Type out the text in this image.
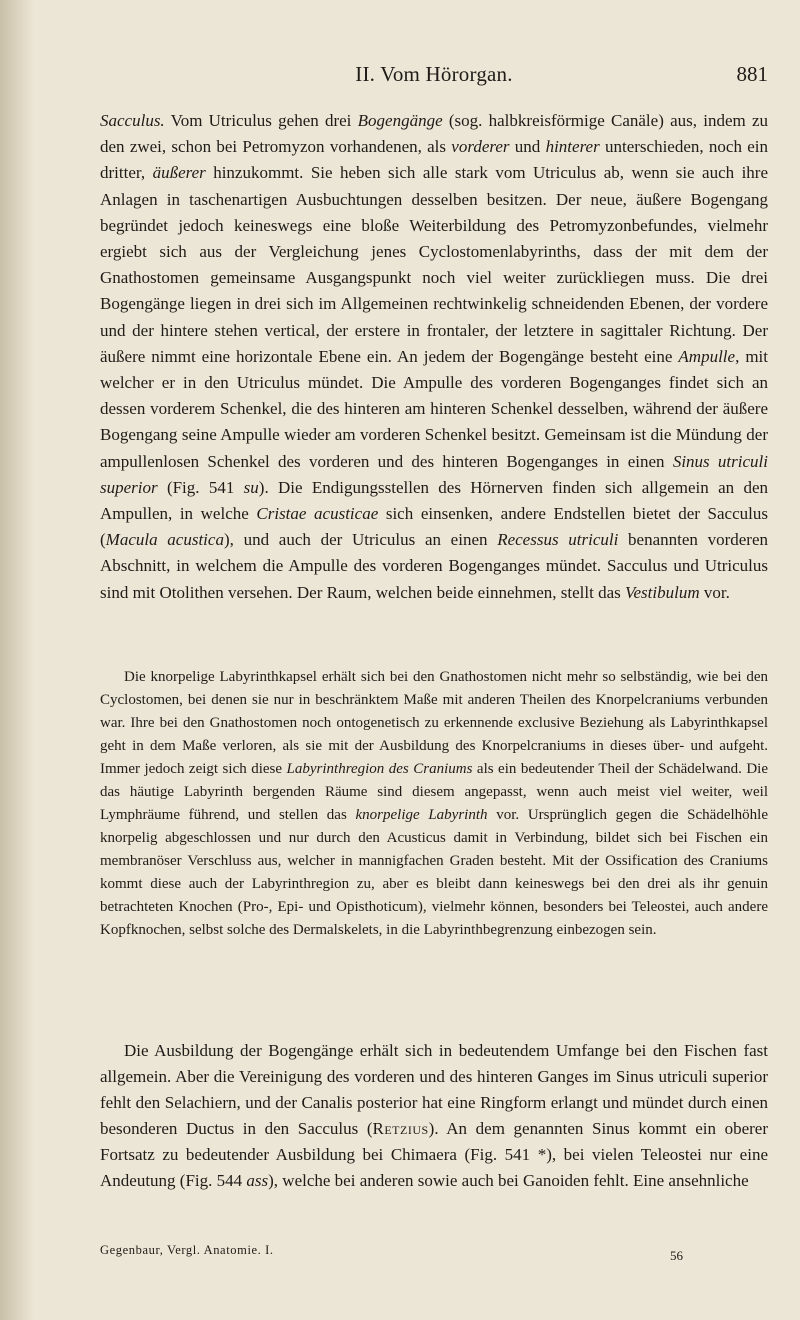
II. Vom Hörorgan.	881

Sacculus. Vom Utriculus gehen drei Bogengänge (sog. halbkreisförmige Canäle) aus, indem zu den zwei, schon bei Petromyzon vorhandenen, als vorderer und hinterer unterschieden, noch ein dritter, äußerer hinzukommt. Sie heben sich alle stark vom Utriculus ab, wenn sie auch ihre Anlagen in taschenartigen Ausbuchtungen desselben besitzen. Der neue, äußere Bogengang begründet jedoch keineswegs eine bloße Weiterbildung des Petromyzonbefundes, vielmehr ergiebt sich aus der Vergleichung jenes Cyclostomenlabyrinths, dass der mit dem der Gnathostomen gemeinsame Ausgangspunkt noch viel weiter zurückliegen muss. Die drei Bogengänge liegen in drei sich im Allgemeinen rechtwinkelig schneidenden Ebenen, der vordere und der hintere stehen vertical, der erstere in frontaler, der letztere in sagittaler Richtung. Der äußere nimmt eine horizontale Ebene ein. An jedem der Bogengänge besteht eine Ampulle, mit welcher er in den Utriculus mündet. Die Ampulle des vorderen Bogenganges findet sich an dessen vorderem Schenkel, die des hinteren am hinteren Schenkel desselben, während der äußere Bogengang seine Ampulle wieder am vorderen Schenkel besitzt. Gemeinsam ist die Mündung der ampullenlosen Schenkel des vorderen und des hinteren Bogenganges in einen Sinus utriculi superior (Fig. 541 su). Die Endigungsstellen des Hörnerven finden sich allgemein an den Ampullen, in welche Cristae acusticae sich einsenken, andere Endstellen bietet der Sacculus (Macula acustica), und auch der Utriculus an einen Recessus utriculi benannten vorderen Abschnitt, in welchem die Ampulle des vorderen Bogenganges mündet. Sacculus und Utriculus sind mit Otolithen versehen. Der Raum, welchen beide einnehmen, stellt das Vestibulum vor.

Die knorpelige Labyrinthkapsel erhält sich bei den Gnathostomen nicht mehr so selbständig, wie bei den Cyclostomen, bei denen sie nur in beschränktem Maße mit anderen Theilen des Knorpelcraniums verbunden war. Ihre bei den Gnathostomen noch ontogenetisch zu erkennende exclusive Beziehung als Labyrinthkapsel geht in dem Maße verloren, als sie mit der Ausbildung des Knorpelcraniums in dieses über- und aufgeht. Immer jedoch zeigt sich diese Labyrinthregion des Craniums als ein bedeutender Theil der Schädelwand. Die das häutige Labyrinth bergenden Räume sind diesem angepasst, wenn auch meist viel weiter, weil Lymphräume führend, und stellen das knorpelige Labyrinth vor. Ursprünglich gegen die Schädelhöhle knorpelig abgeschlossen und nur durch den Acusticus damit in Verbindung, bildet sich bei Fischen ein membranöser Verschluss aus, welcher in mannigfachen Graden besteht. Mit der Ossification des Craniums kommt diese auch der Labyrinthregion zu, aber es bleibt dann keineswegs bei den drei als ihr genuin betrachteten Knochen (Pro-, Epi- und Opisthoticum), vielmehr können, besonders bei Teleostei, auch andere Kopfknochen, selbst solche des Dermalskelets, in die Labyrinthbegrenzung einbezogen sein.

Die Ausbildung der Bogengänge erhält sich in bedeutendem Umfange bei den Fischen fast allgemein. Aber die Vereinigung des vorderen und des hinteren Ganges im Sinus utriculi superior fehlt den Selachiern, und der Canalis posterior hat eine Ringform erlangt und mündet durch einen besonderen Ductus in den Sacculus (Retzius). An dem genannten Sinus kommt ein oberer Fortsatz zu bedeutender Ausbildung bei Chimaera (Fig. 541 *), bei vielen Teleostei nur eine Andeutung (Fig. 544 ass), welche bei anderen sowie auch bei Ganoiden fehlt. Eine ansehnliche

Gegenbaur, Vergl. Anatomie. I.	56
